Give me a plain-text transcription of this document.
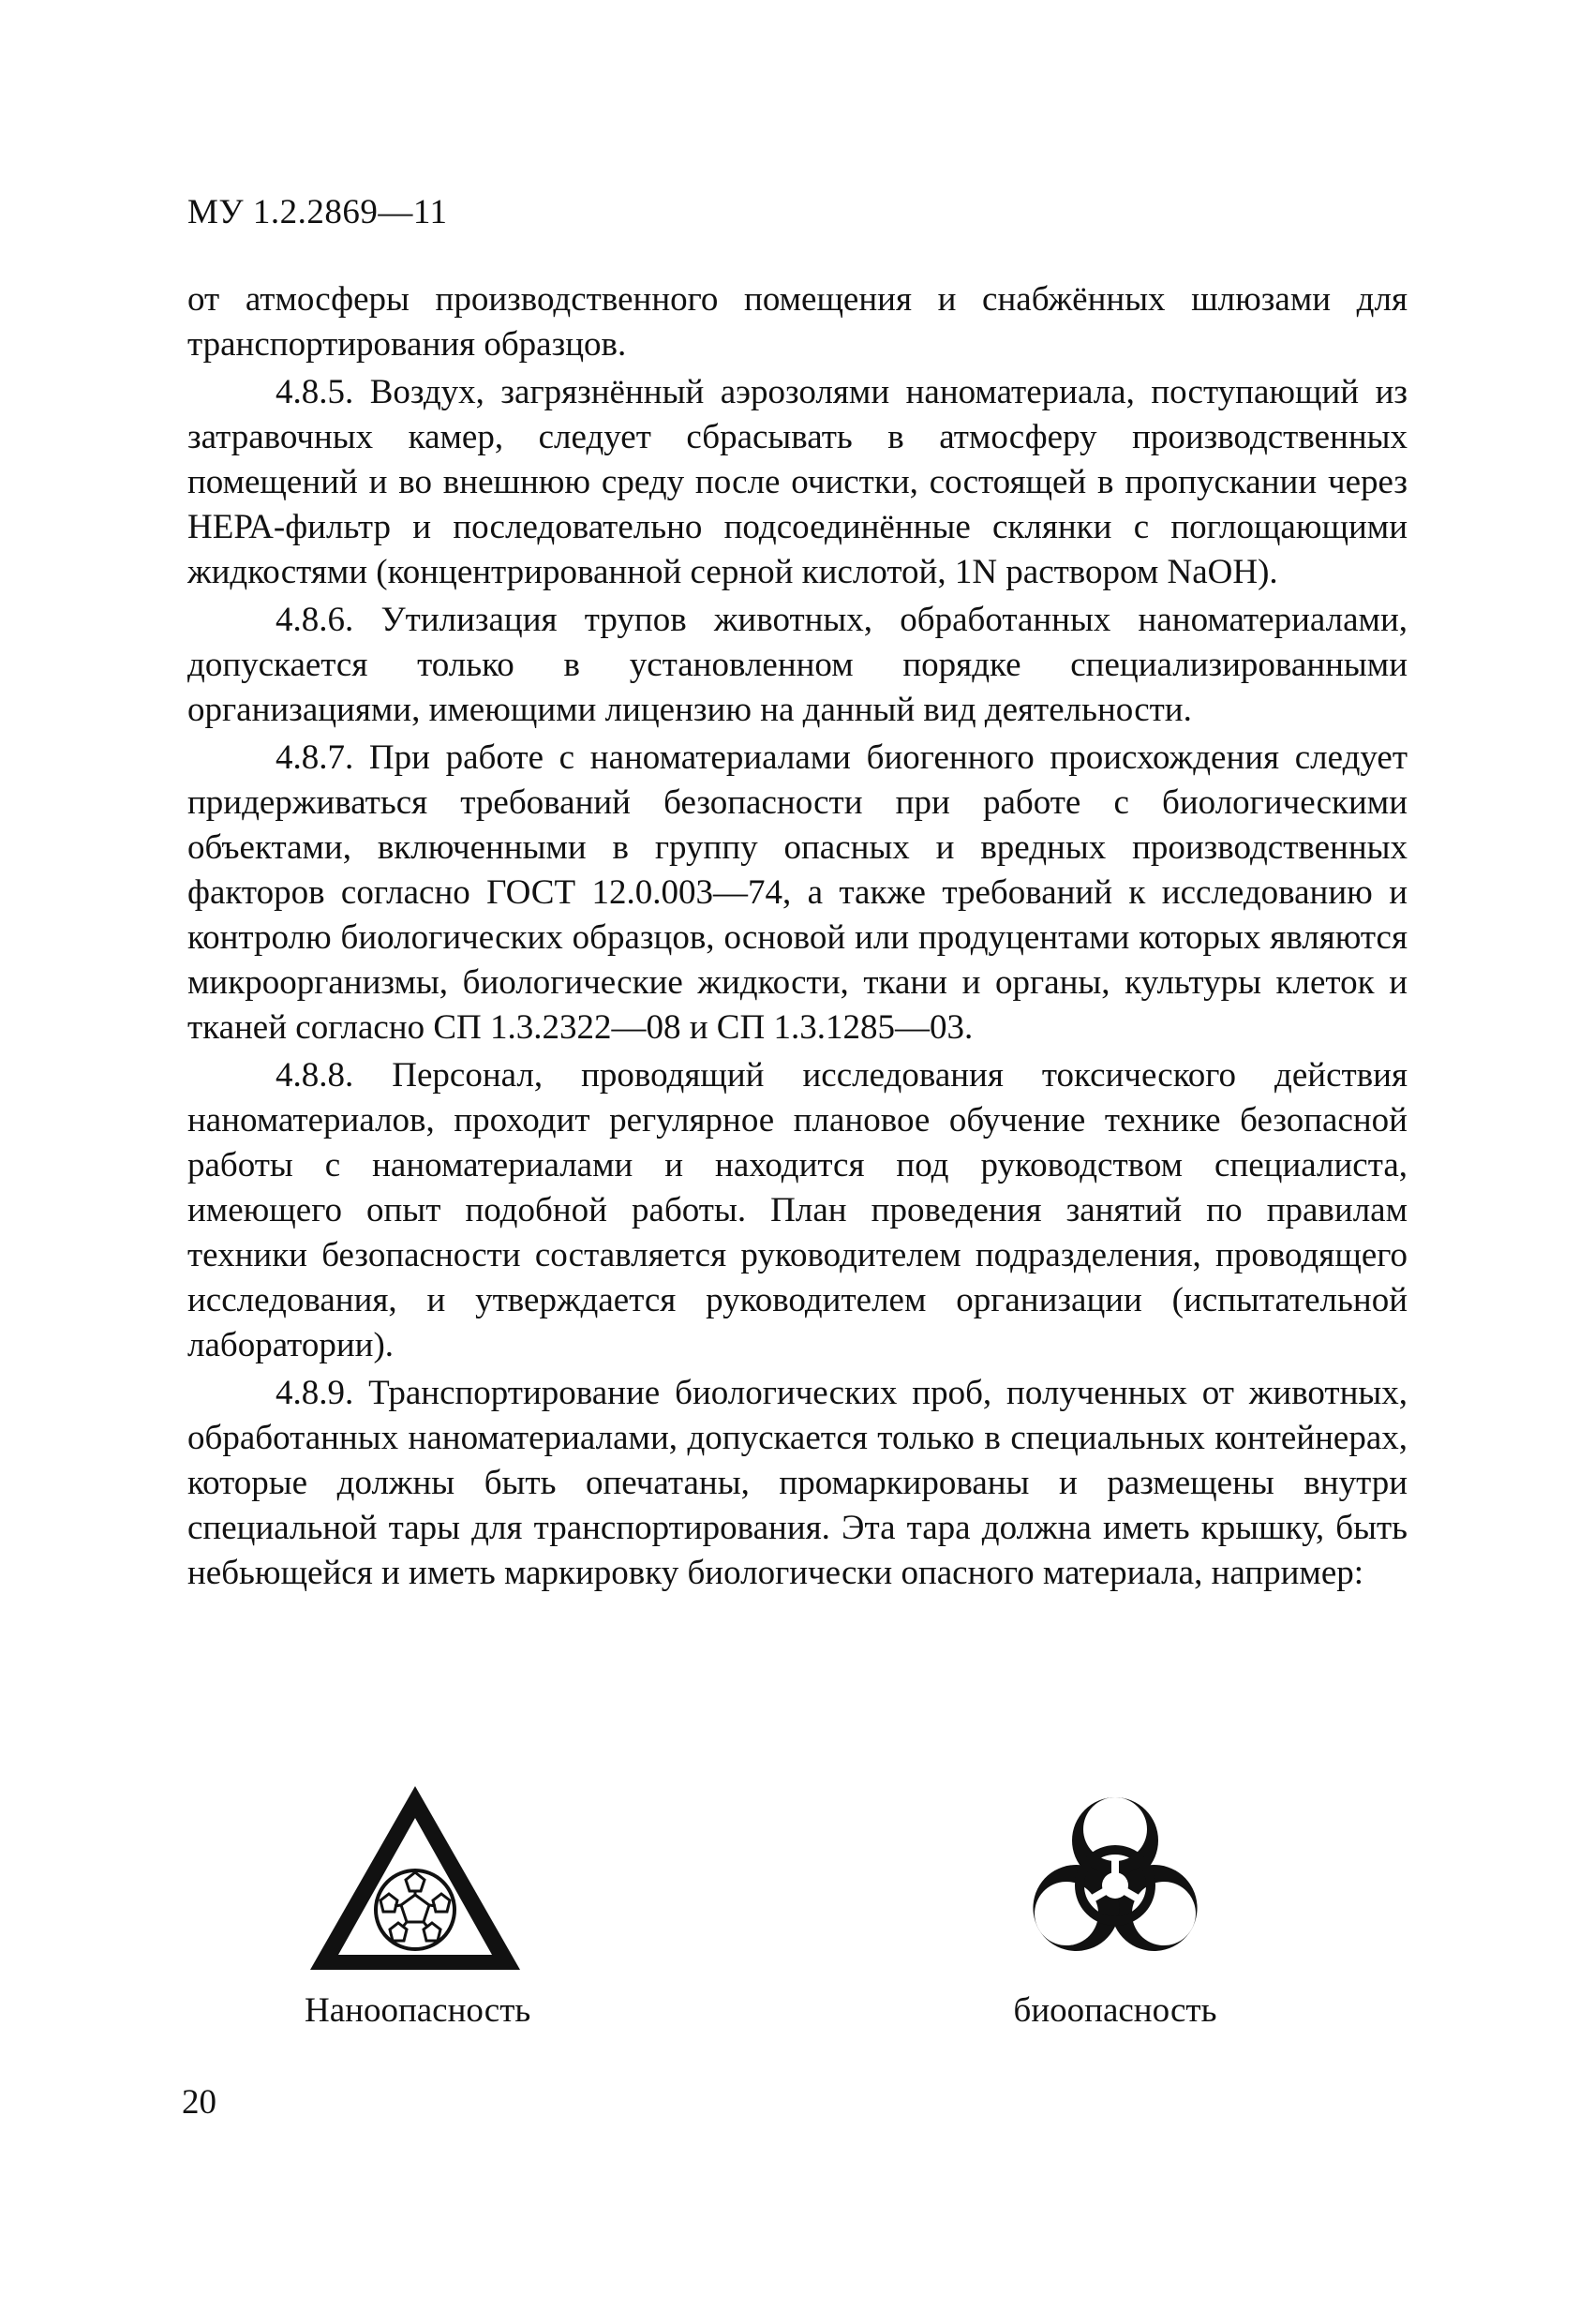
МУ 1.2.2869—11

от атмосферы производственного помещения и снабжённых шлюзами для транспортирования образцов.

4.8.5. Воздух, загрязнённый аэрозолями наноматериала, поступающий из затравочных камер, следует сбрасывать в атмосферу производственных помещений и во внешнюю среду после очистки, состоящей в пропускании через НЕРА-фильтр и последовательно подсоединённые склянки с поглощающими жидкостями (концентрированной серной кислотой, 1N раствором NaOH).

4.8.6. Утилизация трупов животных, обработанных наноматериалами, допускается только в установленном порядке специализированными организациями, имеющими лицензию на данный вид деятельности.

4.8.7. При работе с наноматериалами биогенного происхождения следует придерживаться требований безопасности при работе с биологическими объектами, включенными в группу опасных и вредных производственных факторов согласно ГОСТ 12.0.003—74, а также требований к исследованию и контролю биологических образцов, основой или продуцентами которых являются микроорганизмы, биологические жидкости, ткани и органы, культуры клеток и тканей согласно СП 1.3.2322—08 и СП 1.3.1285—03.

4.8.8. Персонал, проводящий исследования токсического действия наноматериалов, проходит регулярное плановое обучение технике безопасной работы с наноматериалами и находится под руководством специалиста, имеющего опыт подобной работы. План проведения занятий по правилам техники безопасности составляется руководителем подразделения, проводящего исследования, и утверждается руководителем организации (испытательной лаборатории).

4.8.9. Транспортирование биологических проб, полученных от животных, обработанных наноматериалами, допускается только в специальных контейнерах, которые должны быть опечатаны, промаркированы и размещены внутри специальной тары для транспортирования. Эта тара должна иметь крышку, быть небьющейся и иметь маркировку биологически опасного материала, например:

Наноопасность	биоопасность
20
